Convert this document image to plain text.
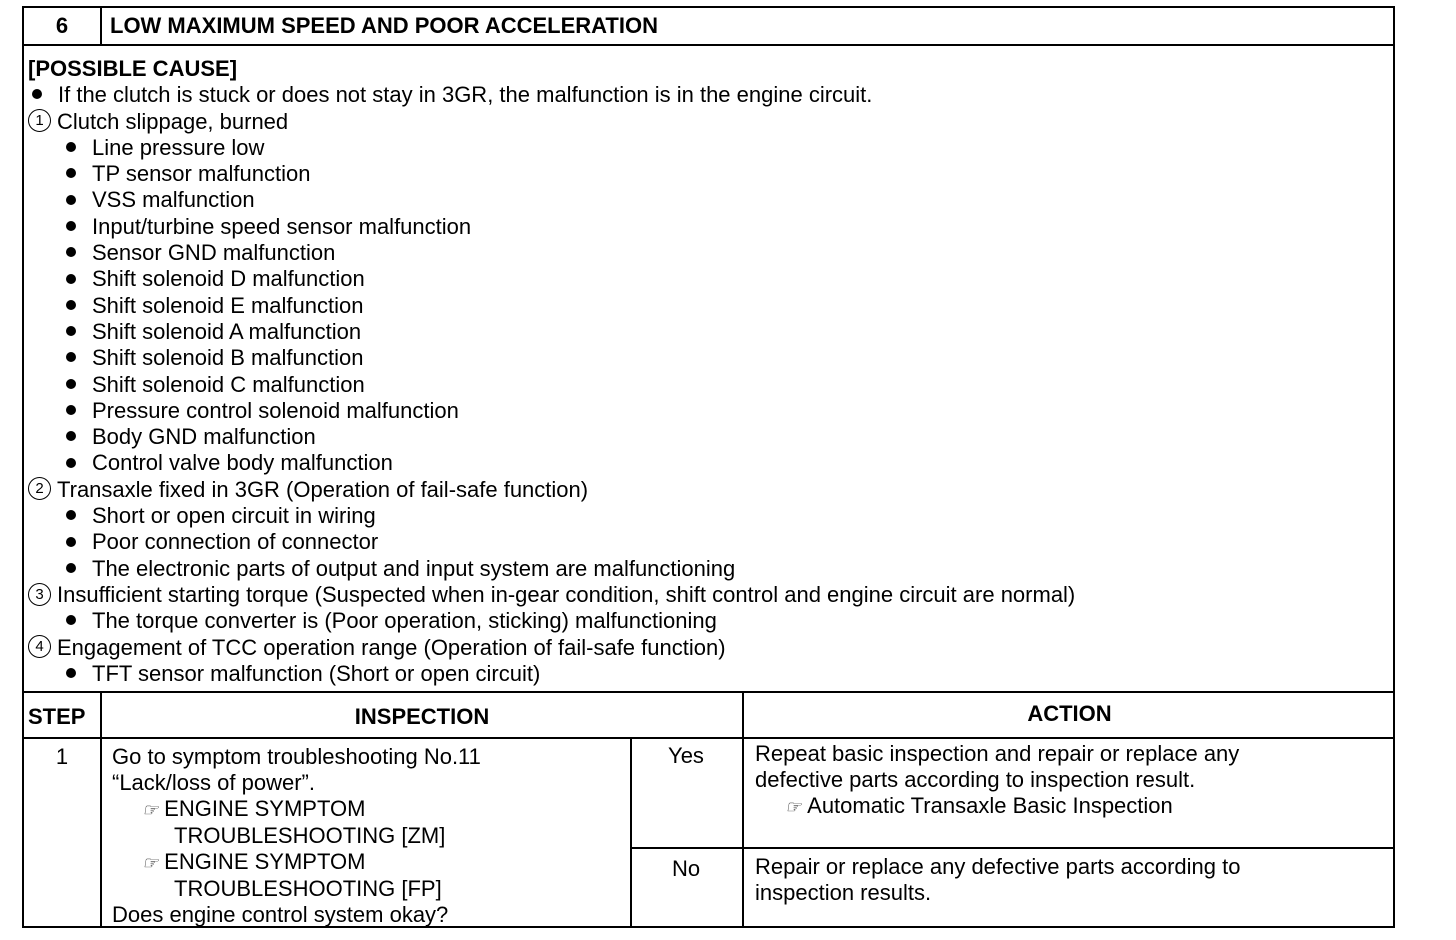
6	LOW MAXIMUM SPEED AND POOR ACCELERATION
[POSSIBLE CAUSE]
If the clutch is stuck or does not stay in 3GR, the malfunction is in the engine circuit.
1 Clutch slippage, burned
Line pressure low
TP sensor malfunction
VSS malfunction
Input/turbine speed sensor malfunction
Sensor GND malfunction
Shift solenoid D malfunction
Shift solenoid E malfunction
Shift solenoid A malfunction
Shift solenoid B malfunction
Shift solenoid C malfunction
Pressure control solenoid malfunction
Body GND malfunction
Control valve body malfunction
2 Transaxle fixed in 3GR (Operation of fail-safe function)
Short or open circuit in wiring
Poor connection of connector
The electronic parts of output and input system are malfunctioning
3 Insufficient starting torque (Suspected when in-gear condition, shift control and engine circuit are normal)
The torque converter is (Poor operation, sticking) malfunctioning
4 Engagement of TCC operation range (Operation of fail-safe function)
TFT sensor malfunction (Short or open circuit)
STEP	INSPECTION	ACTION
1	Go to symptom troubleshooting No.11
“Lack/loss of power”.
☞ ENGINE SYMPTOM
TROUBLESHOOTING [ZM]
☞ ENGINE SYMPTOM
TROUBLESHOOTING [FP]
Does engine control system okay?
Yes	Repeat basic inspection and repair or replace any
defective parts according to inspection result.
☞ Automatic Transaxle Basic Inspection
No	Repair or replace any defective parts according to
inspection results.
